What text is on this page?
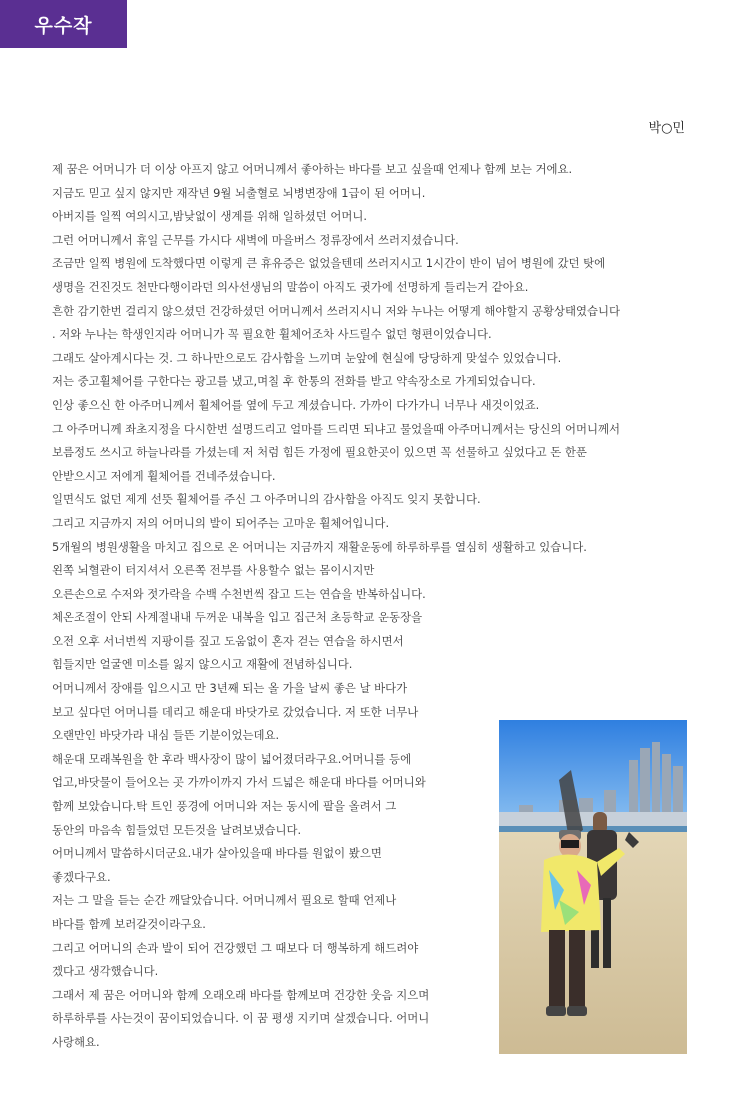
우수작
박○민
제 꿈은 어머니가 더 이상 아프지 않고 어머니께서 좋아하는 바다를 보고 싶을때 언제나 함께 보는 거에요.
지금도 믿고 싶지 않지만 재작년 9월 뇌출혈로 뇌병변장애 1급이 된 어머니.
아버지를 일찍 여의시고,밤낮없이 생계를 위해 일하셨던 어머니.
그런 어머니께서 휴일 근무를 가시다 새벽에 마을버스 정류장에서 쓰러지셨습니다.
조금만 일찍 병원에 도착했다면 이렇게 큰 휴유증은 없었을텐데 쓰러지시고 1시간이 반이 넘어 병원에 갔던 탓에
생명을 건진것도 천만다행이라던 의사선생님의 말씀이 아직도 귓가에 선명하게 들리는거 같아요.
흔한 감기한번 걸리지 않으셨던 건강하셨던 어머니께서 쓰러지시니 저와 누나는 어떻게 해야할지 공황상태였습니다
. 저와 누나는 학생인지라 어머니가 꼭 필요한 휠체어조차 사드릴수 없던 형편이었습니다.
그래도 살아계시다는 것. 그 하나만으로도 감사함을 느끼며 눈앞에 현실에 당당하게 맞설수 있었습니다.
저는 중고휠체어를 구한다는 광고를 냈고,며칠 후 한통의 전화를 받고 약속장소로 가게되었습니다.
인상 좋으신 한 아주머니께서 휠체어를 옆에 두고 계셨습니다. 가까이 다가가니 너무나 새것이었죠.
그 아주머니께 좌초지정을 다시한번 설명드리고 얼마를 드리면 되냐고 물었을때 아주머니께서는 당신의 어머니께서
보름정도 쓰시고 하늘나라를 가셨는데 저 처럼 힘든 가정에 필요한곳이 있으면 꼭 선물하고 싶었다고 돈 한푼
안받으시고 저에게 휠체어를 건네주셨습니다.
일면식도 없던 제게 선뜻 휠체어를 주신 그 아주머니의 감사함을 아직도 잊지 못합니다.
그리고 지금까지 저의 어머니의 발이 되어주는 고마운 휠체어입니다.
5개월의 병원생활을 마치고 집으로 온 어머니는 지금까지 재활운동에 하루하루를 열심히 생활하고 있습니다.
왼쪽 뇌혈관이 터지셔서 오른쪽 전부를 사용할수 없는 몸이시지만
오른손으로 수저와 젓가락을 수백 수천번씩 잡고 드는 연습을 반복하십니다.
체온조절이 안되 사계절내내 두꺼운 내복을 입고 집근처 초등학교 운동장을
오전 오후 서너번씩 지팡이를 짚고 도움없이 혼자 걷는 연습을 하시면서
힘들지만 얼굴엔 미소를 잃지 않으시고 재활에 전념하십니다.
어머니께서 장애를 입으시고 만 3년째 되는 올 가을 날씨 좋은 날 바다가
보고 싶다던 어머니를 데리고 해운대 바닷가로 갔었습니다. 저 또한 너무나
오랜만인 바닷가라 내심 들뜬 기분이었는데요.
해운대 모래복원을 한 후라 백사장이 많이 넓어졌더라구요.어머니를 등에
업고,바닷물이 들어오는 곳 가까이까지 가서 드넓은 해운대 바다를 어머니와
함께 보았습니다.탁 트인 풍경에 어머니와 저는 동시에 팔을 올려서 그
동안의 마음속 힘들었던 모든것을 날려보냈습니다.
어머니께서 말씀하시더군요.내가 살아있을때 바다를 원없이 봤으면
좋겠다구요.
저는 그 말을 듣는 순간 깨달았습니다. 어머니께서 필요로 할때 언제나
바다를 함께 보러갈것이라구요.
그리고 어머니의 손과 발이 되어 건강했던 그 때보다 더 행복하게 해드려야
겠다고 생각했습니다.
그래서 제 꿈은 어머니와 함께 오래오래 바다를 함께보며 건강한 웃음 지으며
하루하루를 사는것이 꿈이되었습니다. 이 꿈 평생 지키며 살겠습니다. 어머니
사랑해요.
